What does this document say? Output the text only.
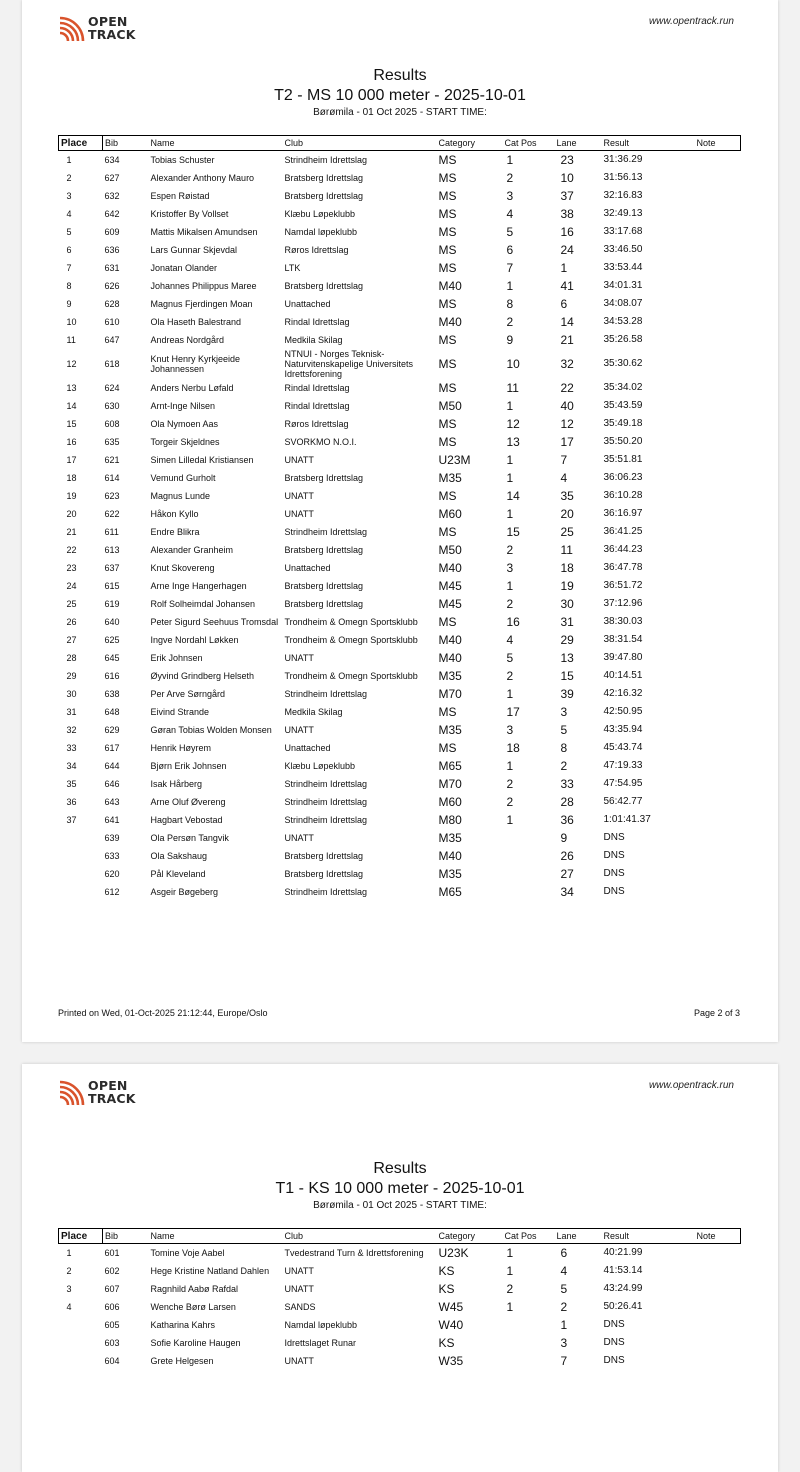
OPEN
TRACK
www.opentrack.run
Results
T2 - MS 10 000 meter - 2025-10-01
Børømila - 01 Oct 2025 - START TIME:
Place	Bib	Name	Club	Category	Cat Pos	Lane	Result	Note
1	634	Tobias Schuster	Strindheim Idrettslag	MS	1	23	31:36.29	
2	627	Alexander Anthony Mauro	Bratsberg Idrettslag	MS	2	10	31:56.13	
3	632	Espen Røistad	Bratsberg Idrettslag	MS	3	37	32:16.83	
4	642	Kristoffer By Vollset	Klæbu Løpeklubb	MS	4	38	32:49.13	
5	609	Mattis Mikalsen Amundsen	Namdal løpeklubb	MS	5	16	33:17.68	
6	636	Lars Gunnar Skjevdal	Røros Idrettslag	MS	6	24	33:46.50	
7	631	Jonatan Olander	LTK	MS	7	1	33:53.44	
8	626	Johannes Philippus Maree	Bratsberg Idrettslag	M40	1	41	34:01.31	
9	628	Magnus Fjerdingen Moan	Unattached	MS	8	6	34:08.07	
10	610	Ola Haseth Balestrand	Rindal Idrettslag	M40	2	14	34:53.28	
11	647	Andreas Nordgård	Medkila Skilag	MS	9	21	35:26.58	
12	618	Knut Henry Kyrkjeeide Johannessen	NTNUI - Norges Teknisk-Naturvitenskapelige Universitets Idrettsforening	MS	10	32	35:30.62	
13	624	Anders Nerbu Løfald	Rindal Idrettslag	MS	11	22	35:34.02	
14	630	Arnt-Inge Nilsen	Rindal Idrettslag	M50	1	40	35:43.59	
15	608	Ola Nymoen Aas	Røros Idrettslag	MS	12	12	35:49.18	
16	635	Torgeir Skjeldnes	SVORKMO N.O.I.	MS	13	17	35:50.20	
17	621	Simen Lilledal Kristiansen	UNATT	U23M	1	7	35:51.81	
18	614	Vemund Gurholt	Bratsberg Idrettslag	M35	1	4	36:06.23	
19	623	Magnus Lunde	UNATT	MS	14	35	36:10.28	
20	622	Håkon Kyllo	UNATT	M60	1	20	36:16.97	
21	611	Endre Blikra	Strindheim Idrettslag	MS	15	25	36:41.25	
22	613	Alexander Granheim	Bratsberg Idrettslag	M50	2	11	36:44.23	
23	637	Knut Skovereng	Unattached	M40	3	18	36:47.78	
24	615	Arne Inge Hangerhagen	Bratsberg Idrettslag	M45	1	19	36:51.72	
25	619	Rolf Solheimdal Johansen	Bratsberg Idrettslag	M45	2	30	37:12.96	
26	640	Peter Sigurd Seehuus Tromsdal	Trondheim & Omegn Sportsklubb	MS	16	31	38:30.03	
27	625	Ingve Nordahl Løkken	Trondheim & Omegn Sportsklubb	M40	4	29	38:31.54	
28	645	Erik Johnsen	UNATT	M40	5	13	39:47.80	
29	616	Øyvind Grindberg Helseth	Trondheim & Omegn Sportsklubb	M35	2	15	40:14.51	
30	638	Per Arve Sørngård	Strindheim Idrettslag	M70	1	39	42:16.32	
31	648	Eivind Strande	Medkila Skilag	MS	17	3	42:50.95	
32	629	Gøran Tobias Wolden Monsen	UNATT	M35	3	5	43:35.94	
33	617	Henrik Høyrem	Unattached	MS	18	8	45:43.74	
34	644	Bjørn Erik Johnsen	Klæbu Løpeklubb	M65	1	2	47:19.33	
35	646	Isak Hårberg	Strindheim Idrettslag	M70	2	33	47:54.95	
36	643	Arne Oluf Øvereng	Strindheim Idrettslag	M60	2	28	56:42.77	
37	641	Hagbart Vebostad	Strindheim Idrettslag	M80	1	36	1:01:41.37	
	639	Ola Persøn Tangvik	UNATT	M35		9	DNS	
	633	Ola Sakshaug	Bratsberg Idrettslag	M40		26	DNS	
	620	Pål Kleveland	Bratsberg Idrettslag	M35		27	DNS	
	612	Asgeir Bøgeberg	Strindheim Idrettslag	M65		34	DNS	
Printed on Wed, 01-Oct-2025 21:12:44, Europe/Oslo	Page 2 of 3
OPEN
TRACK
www.opentrack.run
Results
T1 - KS 10 000 meter - 2025-10-01
Børømila - 01 Oct 2025 - START TIME:
Place	Bib	Name	Club	Category	Cat Pos	Lane	Result	Note
1	601	Tomine Voje Aabel	Tvedestrand Turn & Idrettsforening	U23K	1	6	40:21.99	
2	602	Hege Kristine Natland Dahlen	UNATT	KS	1	4	41:53.14	
3	607	Ragnhild Aabø Rafdal	UNATT	KS	2	5	43:24.99	
4	606	Wenche Børø Larsen	SANDS	W45	1	2	50:26.41	
	605	Katharina Kahrs	Namdal løpeklubb	W40		1	DNS	
	603	Sofie Karoline Haugen	Idrettslaget Runar	KS		3	DNS	
	604	Grete Helgesen	UNATT	W35		7	DNS	
